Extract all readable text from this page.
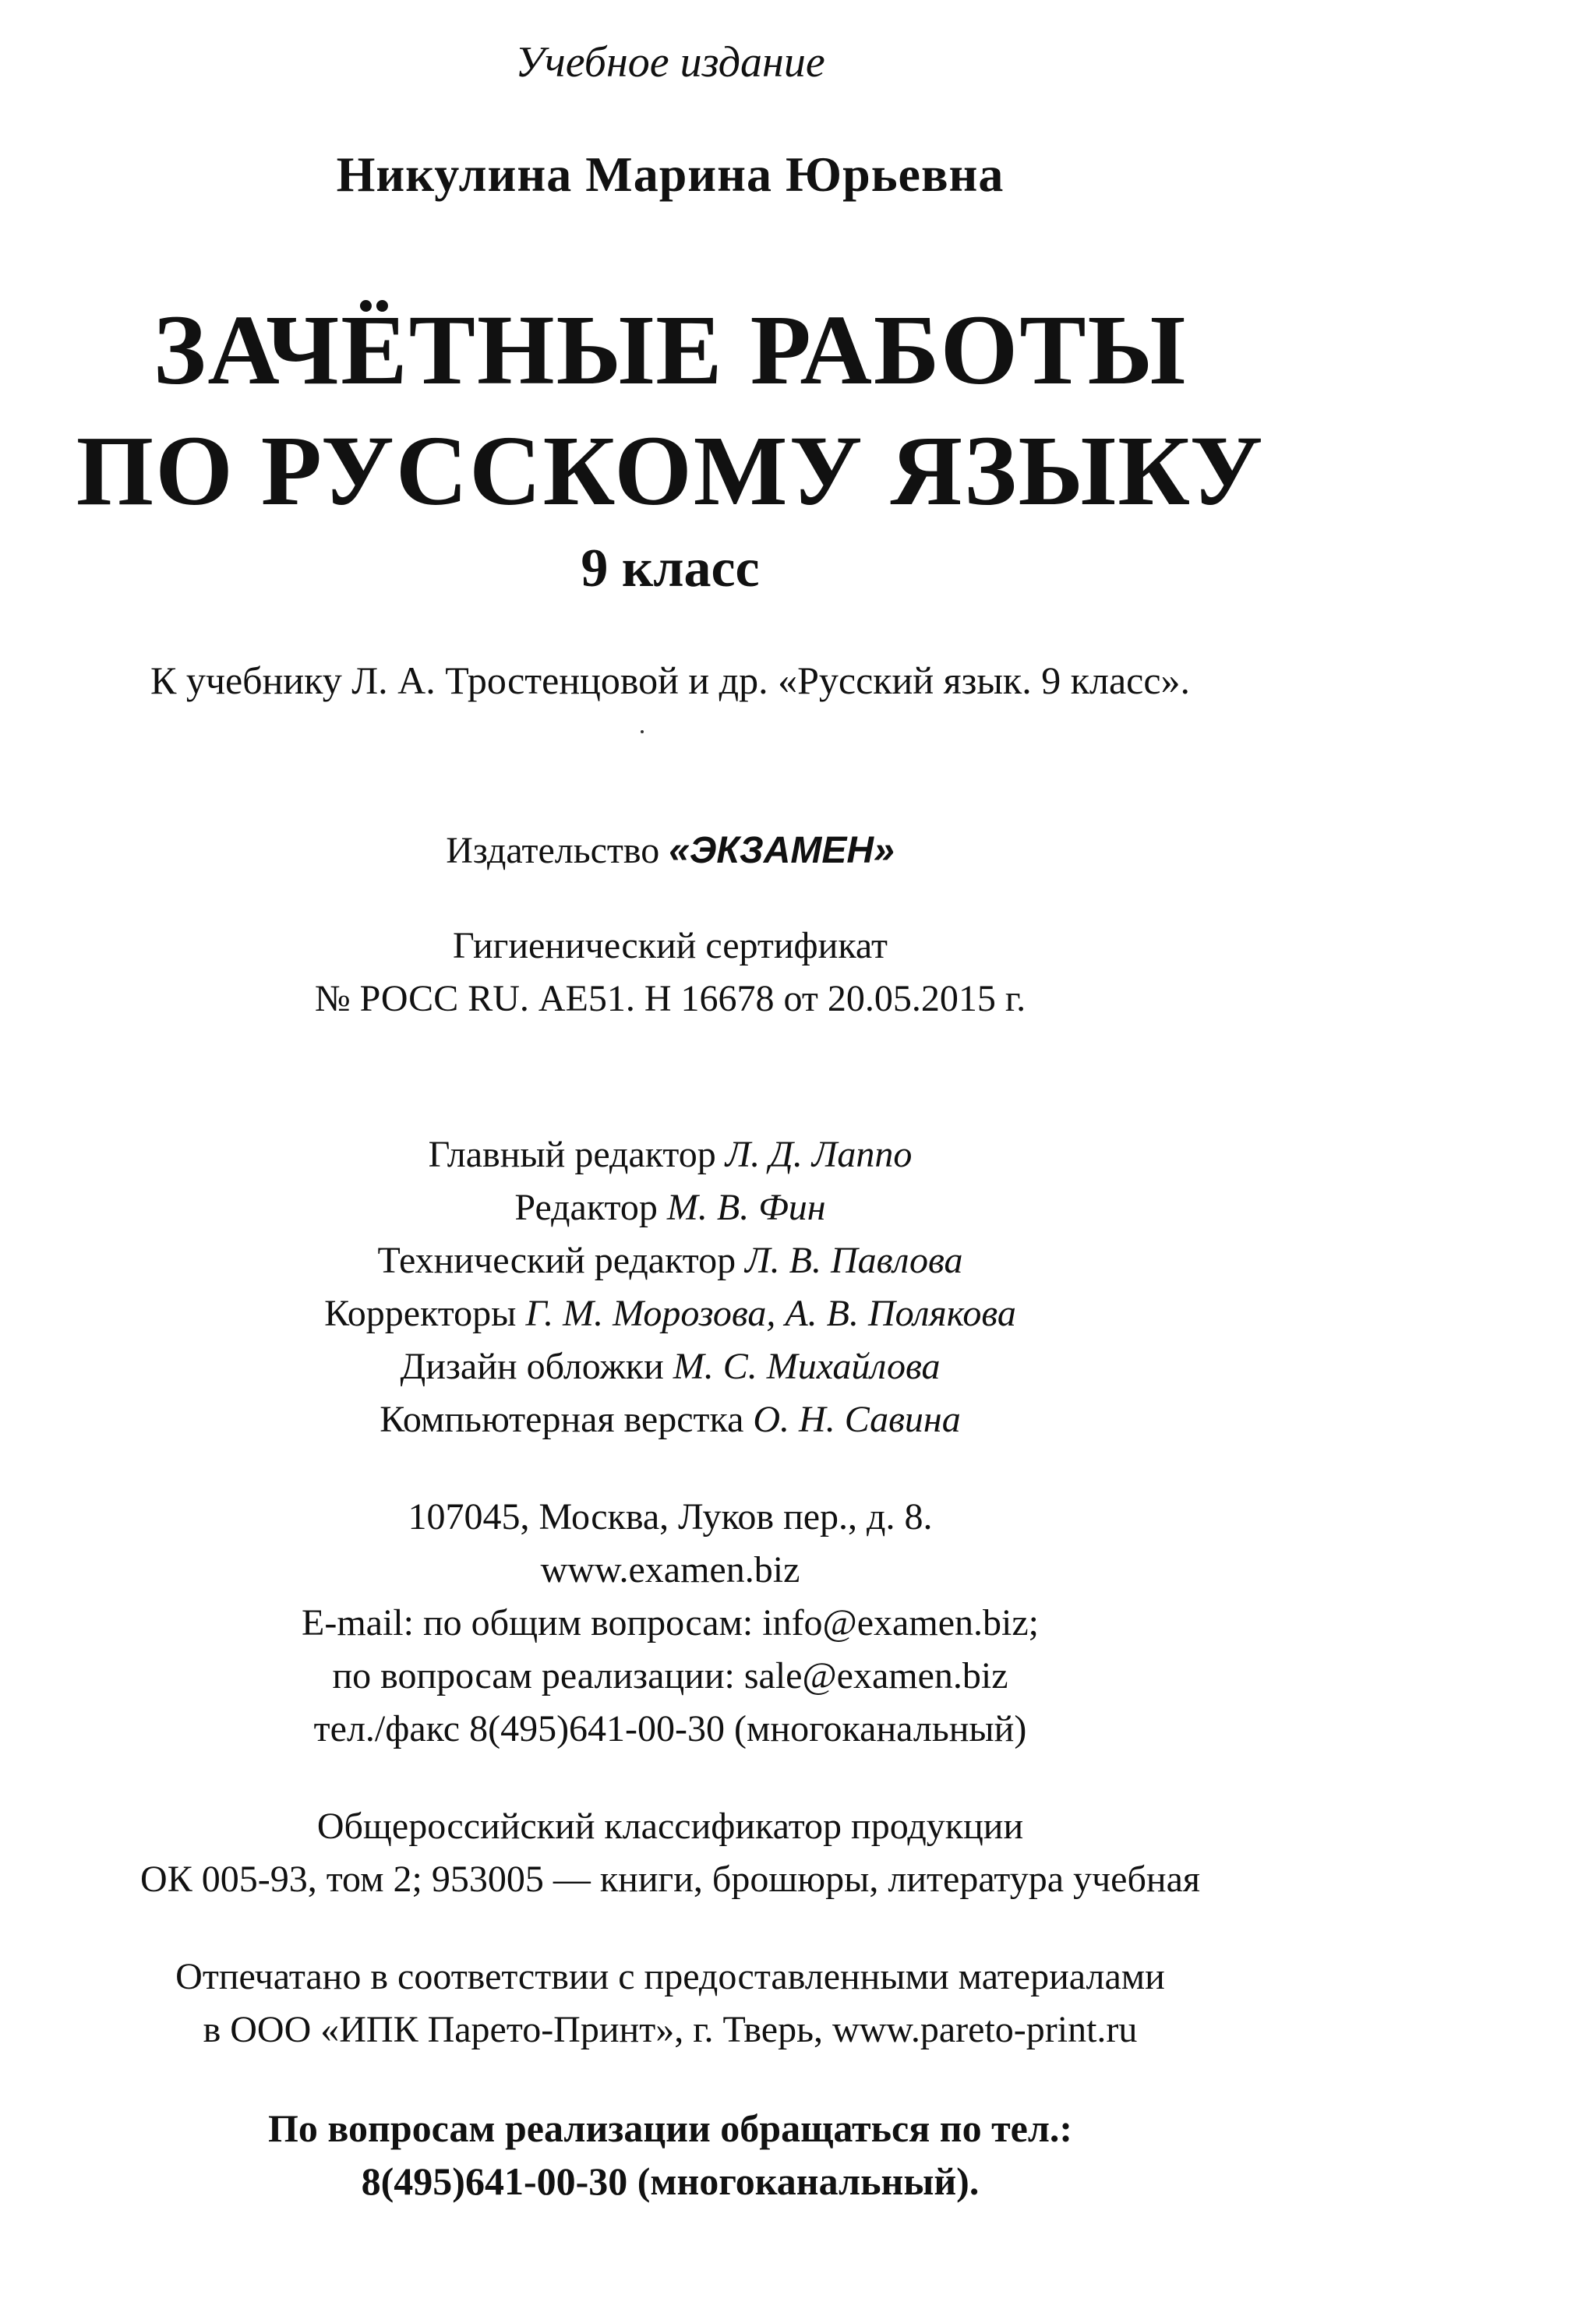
Учебное издание
Никулина Марина Юрьевна
ЗАЧЁТНЫЕ РАБОТЫ
ПО РУССКОМУ ЯЗЫКУ
9 класс
К учебнику Л. А. Тростенцовой и др. «Русский язык. 9 класс».
Издательство «ЭКЗАМЕН»
Гигиенический сертификат
№ РОСС RU. АЕ51. Н 16678 от 20.05.2015 г.
Главный редактор Л. Д. Лаппо
Редактор М. В. Фин
Технический редактор Л. В. Павлова
Корректоры Г. М. Морозова, А. В. Полякова
Дизайн обложки М. С. Михайлова
Компьютерная верстка О. Н. Савина
107045, Москва, Луков пер., д. 8.
www.examen.biz
E-mail: по общим вопросам: info@examen.biz;
по вопросам реализации: sale@examen.biz
тел./факс 8(495)641-00-30 (многоканальный)
Общероссийский классификатор продукции
ОК 005-93, том 2; 953005 — книги, брошюры, литература учебная
Отпечатано в соответствии с предоставленными материалами
в ООО «ИПК Парето-Принт», г. Тверь, www.pareto-print.ru
По вопросам реализации обращаться по тел.:
8(495)641-00-30 (многоканальный).
